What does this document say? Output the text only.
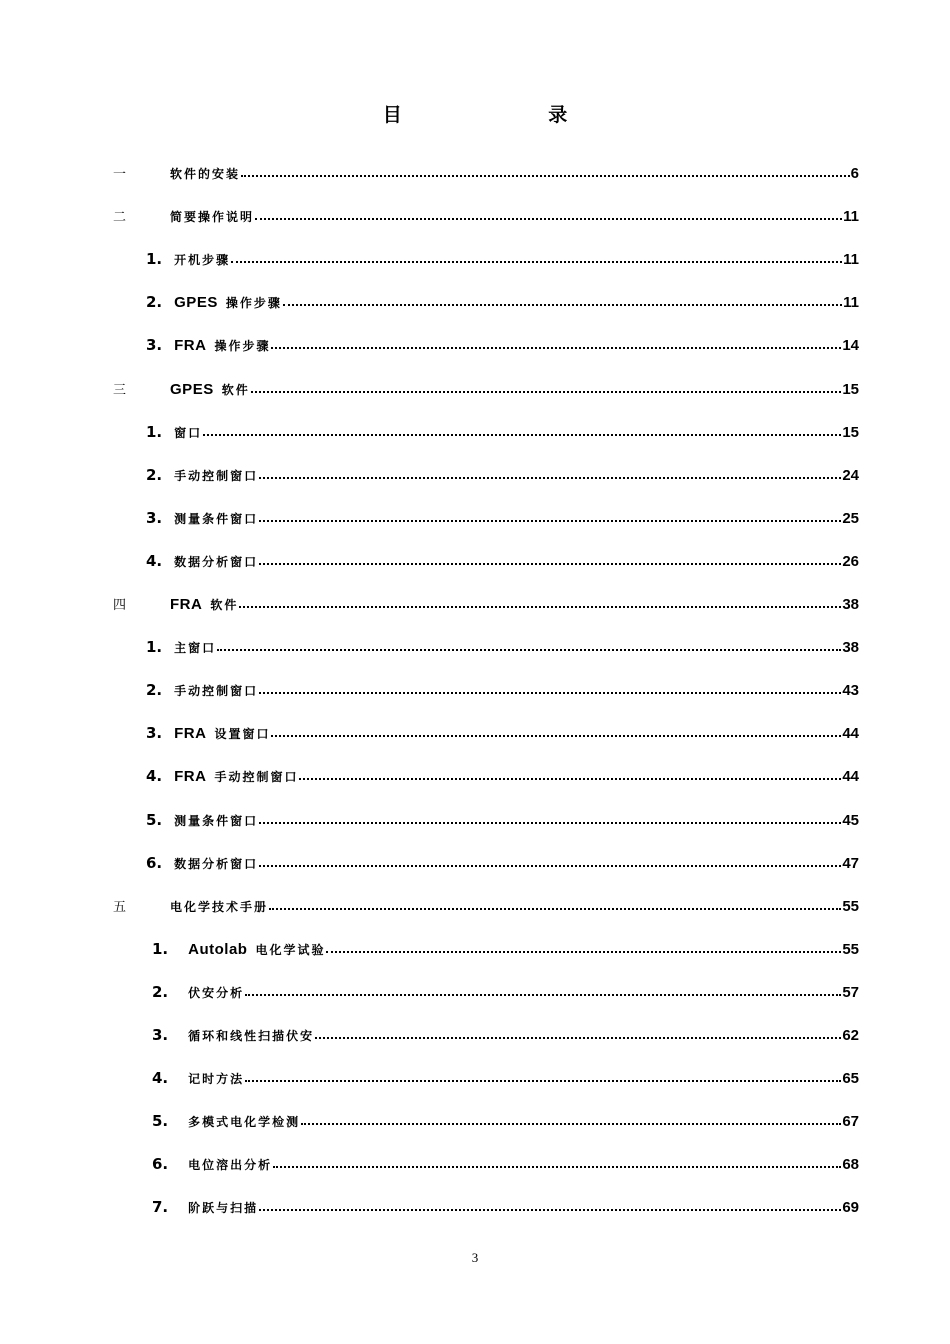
目 录
一	软件的安装	6
二	简要操作说明	11
1. 开机步骤	11
2. GPES 操作步骤	11
3. FRA 操作步骤	14
三	GPES 软件	15
1. 窗口	15
2. 手动控制窗口	24
3. 测量条件窗口	25
4. 数据分析窗口	26
四	FRA 软件	38
1. 主窗口	38
2. 手动控制窗口	43
3. FRA 设置窗口	44
4. FRA 手动控制窗口	44
5. 测量条件窗口	45
6. 数据分析窗口	47
五	电化学技术手册	55
1. Autolab 电化学试验	55
2. 伏安分析	57
3. 循环和线性扫描伏安	62
4. 记时方法	65
5. 多模式电化学检测	67
6. 电位溶出分析	68
7. 阶跃与扫描	69
3
